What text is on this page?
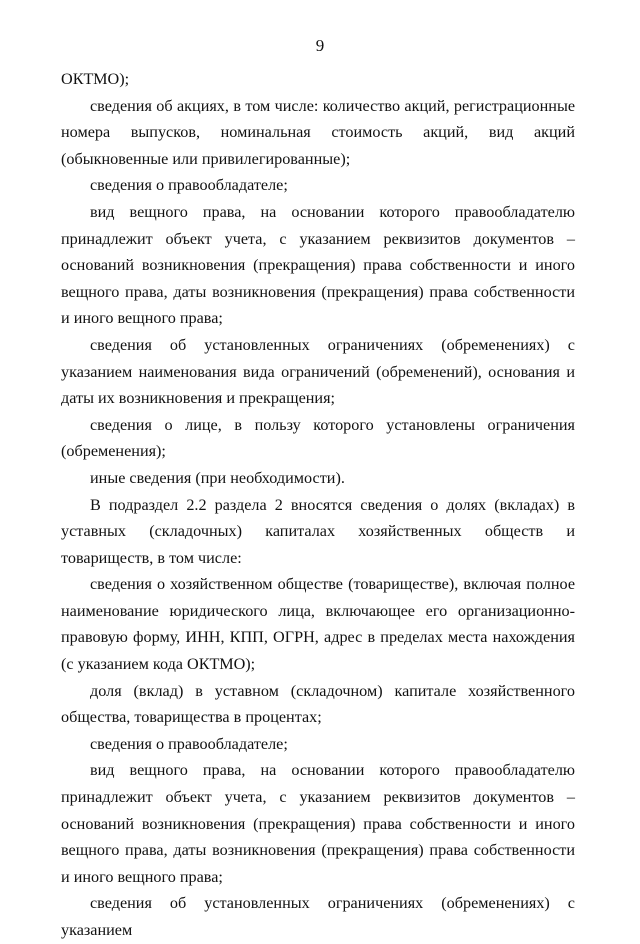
9

ОКТМО);

сведения об акциях, в том числе: количество акций, регистрационные номера выпусков, номинальная стоимость акций, вид акций (обыкновенные или привилегированные);

сведения о правообладателе;

вид вещного права, на основании которого правообладателю принадлежит объект учета, с указанием реквизитов документов – оснований возникновения (прекращения) права собственности и иного вещного права, даты возникновения (прекращения) права собственности и иного вещного права;

сведения об установленных ограничениях (обременениях) с указанием наименования вида ограничений (обременений), основания и даты их возникновения и прекращения;

сведения о лице, в пользу которого установлены ограничения (обременения);

иные сведения (при необходимости).

В подраздел 2.2 раздела 2 вносятся сведения о долях (вкладах) в уставных (складочных) капиталах хозяйственных обществ и товариществ, в том числе:

сведения о хозяйственном обществе (товариществе), включая полное наименование юридического лица, включающее его организационно-правовую форму, ИНН, КПП, ОГРН, адрес в пределах места нахождения (с указанием кода ОКТМО);

доля (вклад) в уставном (складочном) капитале хозяйственного общества, товарищества в процентах;

сведения о правообладателе;

вид вещного права, на основании которого правообладателю принадлежит объект учета, с указанием реквизитов документов – оснований возникновения (прекращения) права собственности и иного вещного права, даты возникновения (прекращения) права собственности и иного вещного права;

сведения об установленных ограничениях (обременениях) с указанием
